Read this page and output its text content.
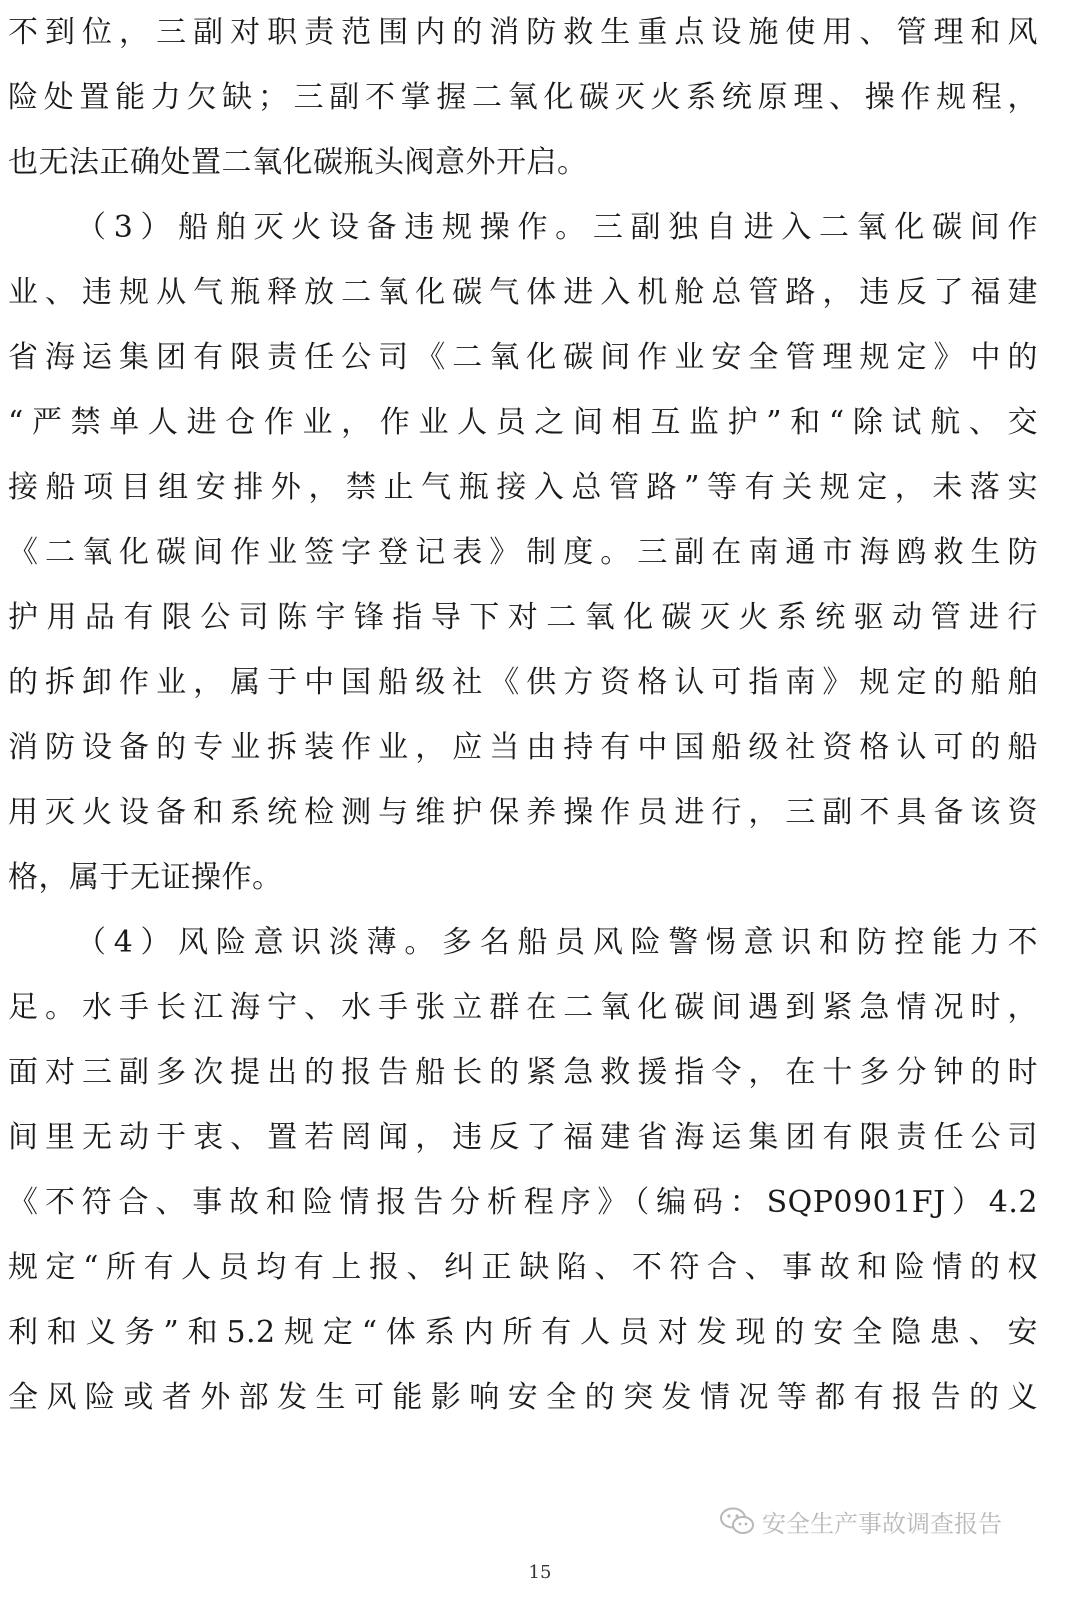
不到位，三副对职责范围内的消防救生重点设施使用、管理和风
险处置能力欠缺；三副不掌握二氧化碳灭火系统原理、操作规程，
也无法正确处置二氧化碳瓶头阀意外开启。
（3）船舶灭火设备违规操作。三副独自进入二氧化碳间作
业、违规从气瓶释放二氧化碳气体进入机舱总管路，违反了福建
省海运集团有限责任公司《二氧化碳间作业安全管理规定》中的
“严禁单人进仓作业，作业人员之间相互监护”和“除试航、交
接船项目组安排外，禁止气瓶接入总管路”等有关规定，未落实
《二氧化碳间作业签字登记表》制度。三副在南通市海鸥救生防
护用品有限公司陈宇锋指导下对二氧化碳灭火系统驱动管进行
的拆卸作业，属于中国船级社《供方资格认可指南》规定的船舶
消防设备的专业拆装作业，应当由持有中国船级社资格认可的船
用灭火设备和系统检测与维护保养操作员进行，三副不具备该资
格，属于无证操作。
（4）风险意识淡薄。多名船员风险警惕意识和防控能力不
足。水手长江海宁、水手张立群在二氧化碳间遇到紧急情况时，
面对三副多次提出的报告船长的紧急救援指令，在十多分钟的时
间里无动于衷、置若罔闻，违反了福建省海运集团有限责任公司
《不符合、事故和险情报告分析程序》（编码：SQP0901FJ）4.2
规定“所有人员均有上报、纠正缺陷、不符合、事故和险情的权
利和义务”和5.2规定“体系内所有人员对发现的安全隐患、安
全风险或者外部发生可能影响安全的突发情况等都有报告的义
安全生产事故调查报告
15
